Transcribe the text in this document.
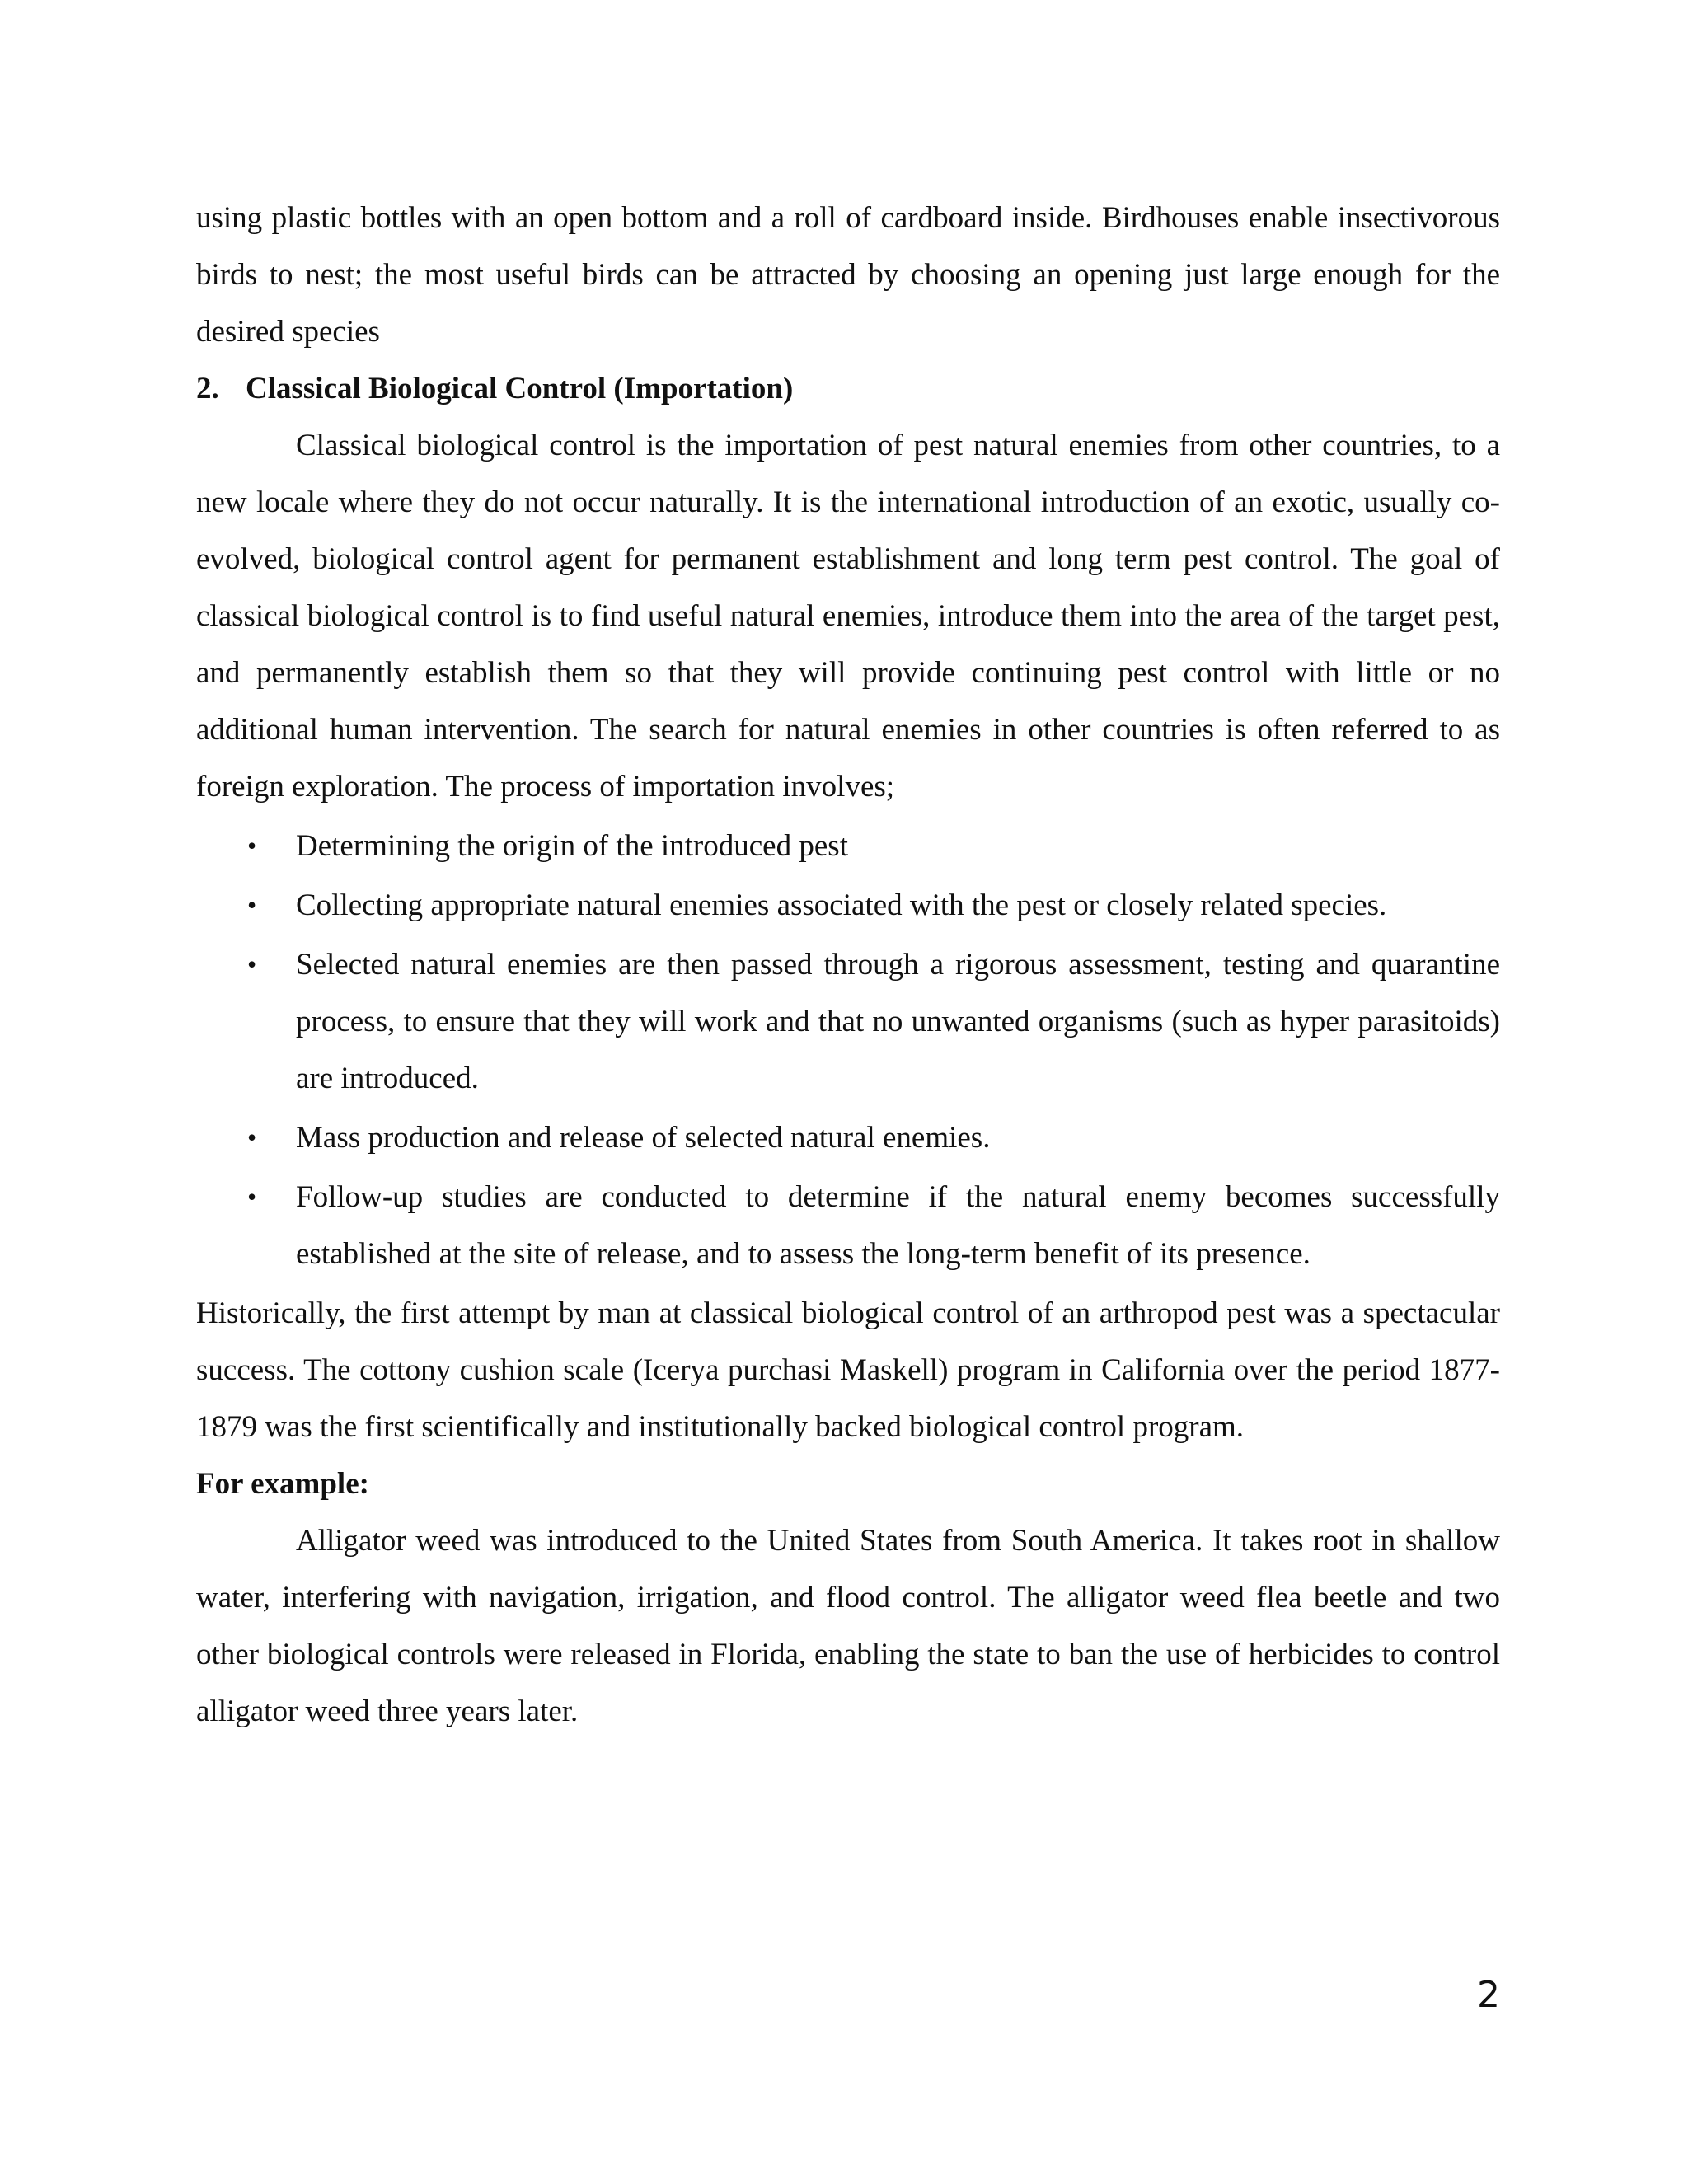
using plastic bottles with an open bottom and a roll of cardboard inside. Birdhouses enable insectivorous birds to nest; the most useful birds can be attracted by choosing an opening just large enough for the desired species

2. Classical Biological Control (Importation)

Classical biological control is the importation of pest natural enemies from other countries, to a new locale where they do not occur naturally. It is the international introduction of an exotic, usually co-evolved, biological control agent for permanent establishment and long term pest control. The goal of classical biological control is to find useful natural enemies, introduce them into the area of the target pest, and permanently establish them so that they will provide continuing pest control with little or no additional human intervention. The search for natural enemies in other countries is often referred to as foreign exploration. The process of importation involves;

• Determining the origin of the introduced pest
• Collecting appropriate natural enemies associated with the pest or closely related species.
• Selected natural enemies are then passed through a rigorous assessment, testing and quarantine process, to ensure that they will work and that no unwanted organisms (such as hyper parasitoids) are introduced.
• Mass production and release of selected natural enemies.
• Follow-up studies are conducted to determine if the natural enemy becomes successfully established at the site of release, and to assess the long-term benefit of its presence.

Historically, the first attempt by man at classical biological control of an arthropod pest was a spectacular success. The cottony cushion scale (Icerya purchasi Maskell) program in California over the period 1877-1879 was the first scientifically and institutionally backed biological control program.

For example:

Alligator weed was introduced to the United States from South America. It takes root in shallow water, interfering with navigation, irrigation, and flood control. The alligator weed flea beetle and two other biological controls were released in Florida, enabling the state to ban the use of herbicides to control alligator weed three years later.

2
